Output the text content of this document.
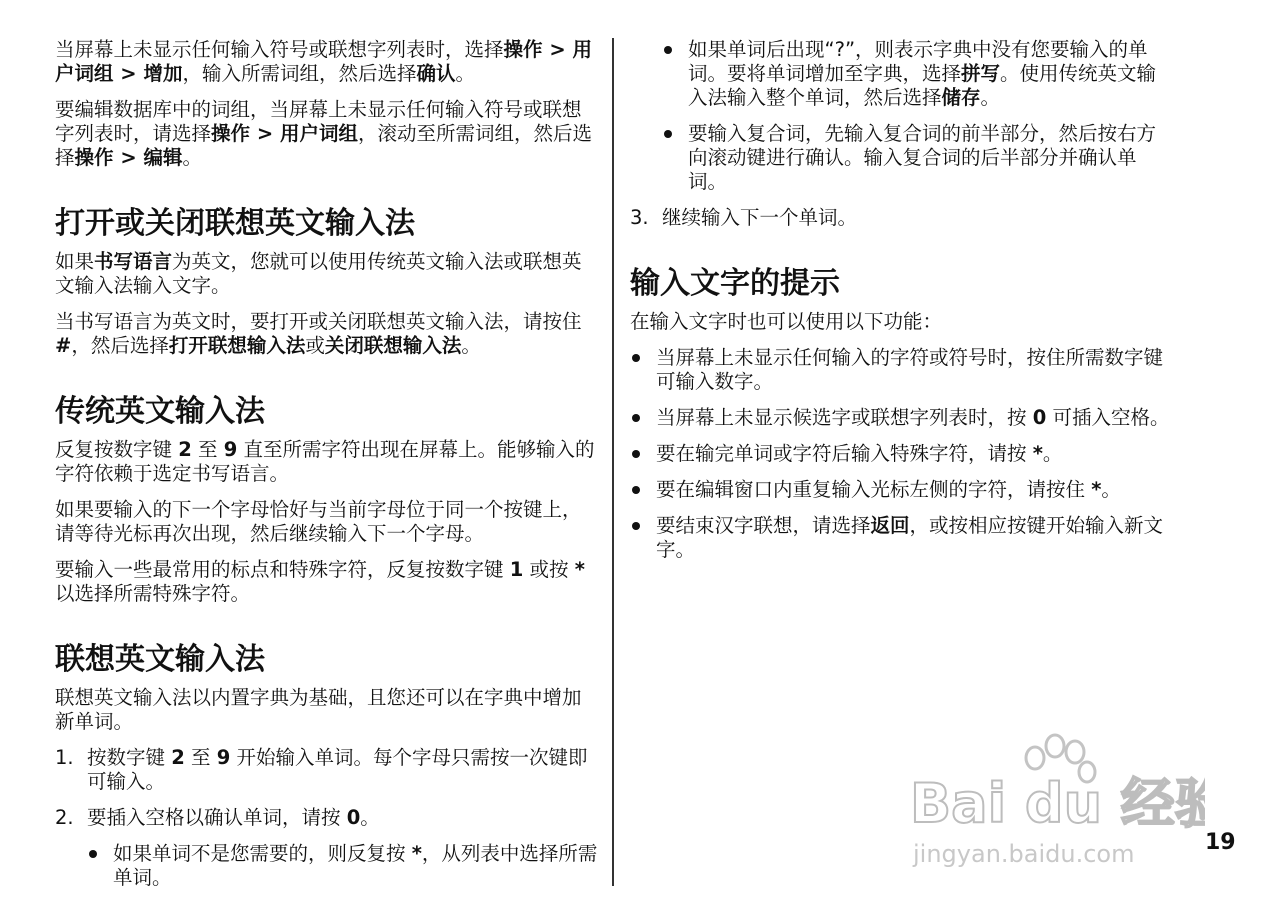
当屏幕上未显示任何输入符号或联想字列表时，选择操作 > 用户词组 > 增加，输入所需词组，然后选择确认。

要编辑数据库中的词组，当屏幕上未显示任何输入符号或联想字列表时，请选择操作 > 用户词组，滚动至所需词组，然后选择操作 > 编辑。

打开或关闭联想英文输入法

如果书写语言为英文，您就可以使用传统英文输入法或联想英文输入法输入文字。

当书写语言为英文时，要打开或关闭联想英文输入法，请按住 #，然后选择打开联想输入法或关闭联想输入法。

传统英文输入法

反复按数字键 2 至 9 直至所需字符出现在屏幕上。能够输入的字符依赖于选定书写语言。

如果要输入的下一个字母恰好与当前字母位于同一个按键上，请等待光标再次出现，然后继续输入下一个字母。

要输入一些最常用的标点和特殊字符，反复按数字键 1 或按 * 以选择所需特殊字符。

联想英文输入法

联想英文输入法以内置字典为基础，且您还可以在字典中增加新单词。

1. 按数字键 2 至 9 开始输入单词。每个字母只需按一次键即可输入。
2. 要插入空格以确认单词，请按 0。
如果单词不是您需要的，则反复按 *，从列表中选择所需单词。
如果单词后出现“?”，则表示字典中没有您要输入的单词。要将单词增加至字典，选择拼写。使用传统英文输入法输入整个单词，然后选择储存。
要输入复合词，先输入复合词的前半部分，然后按右方向滚动键进行确认。输入复合词的后半部分并确认单词。
3. 继续输入下一个单词。
输入文字的提示

在输入文字时也可以使用以下功能：

当屏幕上未显示任何输入的字符或符号时，按住所需数字键可输入数字。
当屏幕上未显示候选字或联想字列表时，按 0 可插入空格。
要在输完单词或字符后输入特殊字符，请按 *。
要在编辑窗口内重复输入光标左侧的字符，请按住 *。
要结束汉字联想，请选择返回，或按相应按键开始输入新文字。
Bai du 经验
jingyan.baidu.com	19
